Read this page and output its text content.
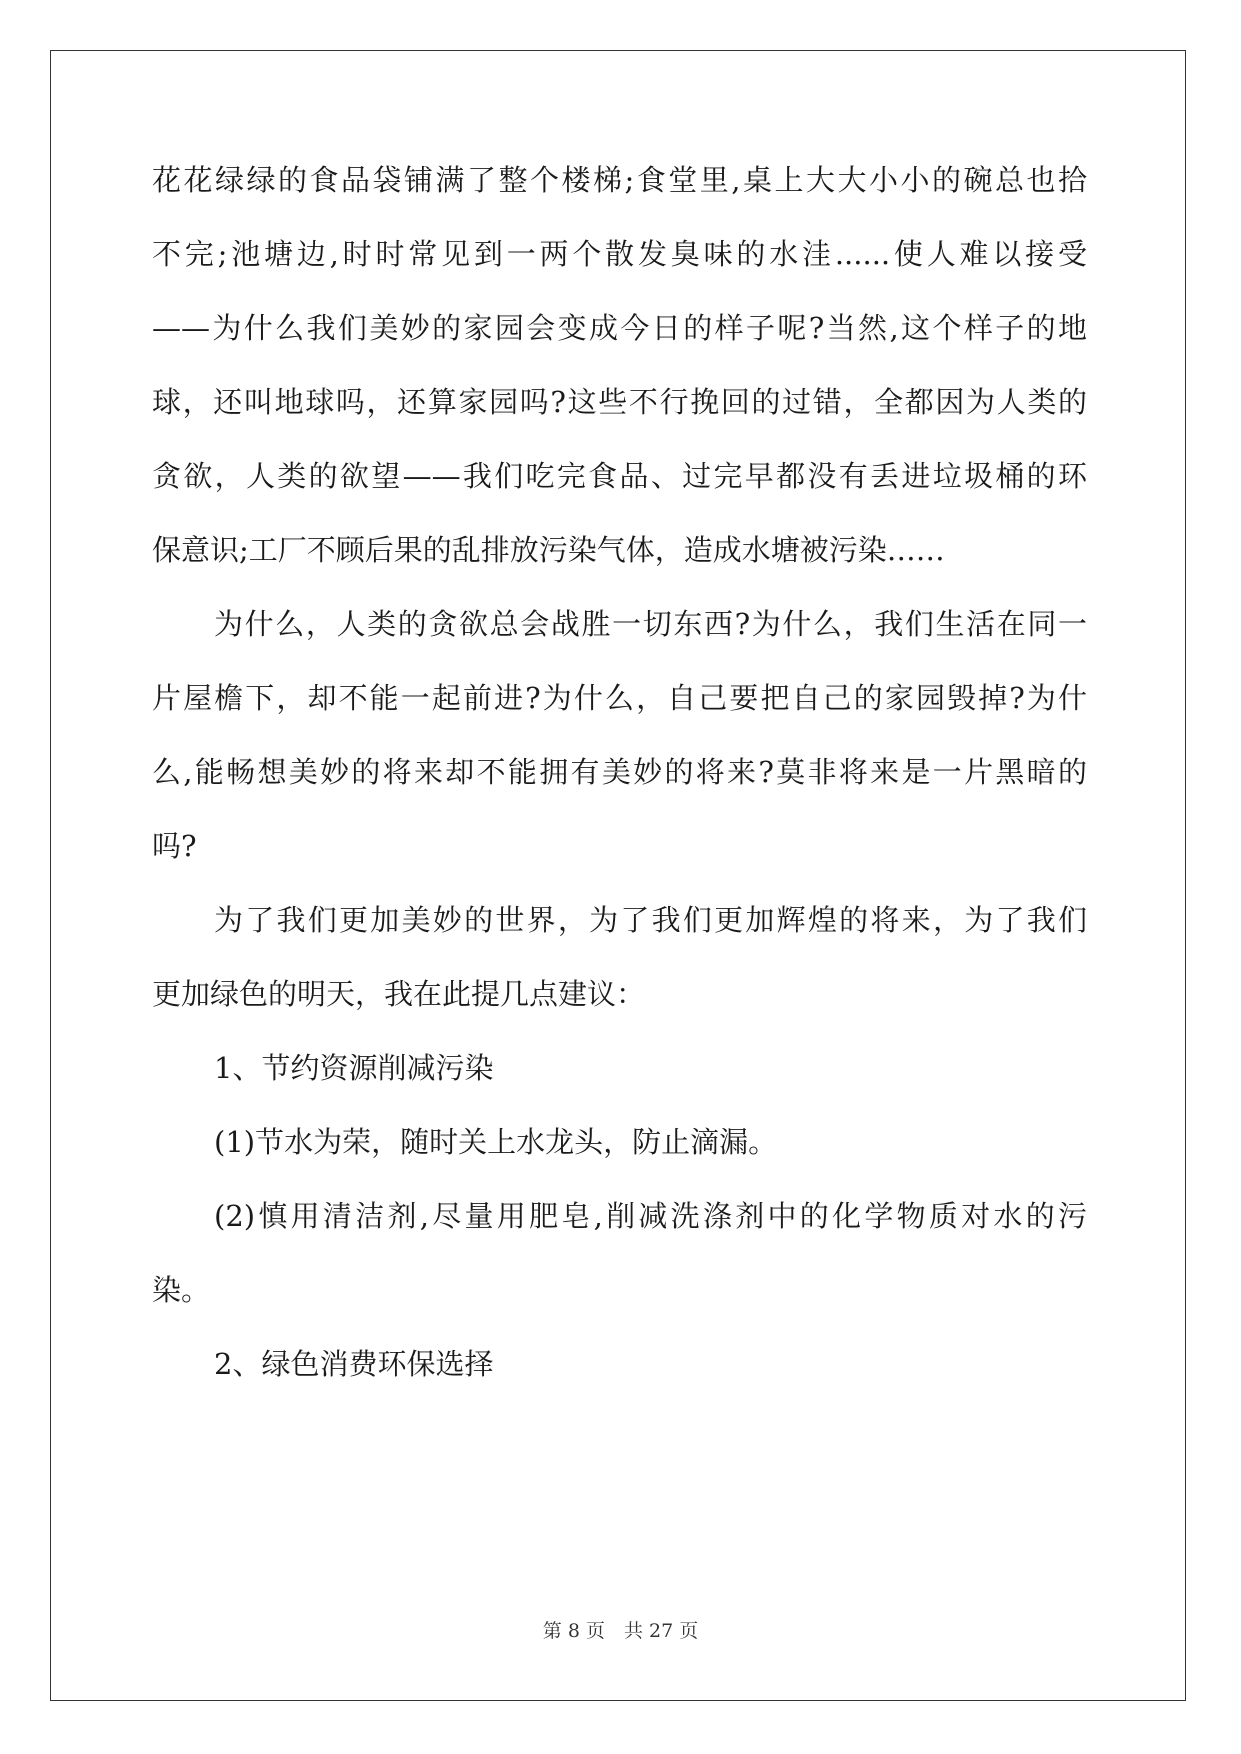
花花绿绿的食品袋铺满了整个楼梯;食堂里,桌上大大小小的碗总也拾
不完;池塘边,时时常见到一两个散发臭味的水洼......使人难以接受
——为什么我们美妙的家园会变成今日的样子呢?当然,这个样子的地
球，还叫地球吗，还算家园吗?这些不行挽回的过错，全都因为人类的
贪欲，人类的欲望——我们吃完食品、过完早都没有丢进垃圾桶的环
保意识;工厂不顾后果的乱排放污染气体，造成水塘被污染……
为什么，人类的贪欲总会战胜一切东西?为什么，我们生活在同一
片屋檐下，却不能一起前进?为什么，自己要把自己的家园毁掉?为什
么,能畅想美妙的将来却不能拥有美妙的将来?莫非将来是一片黑暗的
吗?
为了我们更加美妙的世界，为了我们更加辉煌的将来，为了我们
更加绿色的明天，我在此提几点建议：
1、节约资源削减污染
(1)节水为荣，随时关上水龙头，防止滴漏。
(2)慎用清洁剂,尽量用肥皂,削减洗涤剂中的化学物质对水的污
染。
2、绿色消费环保选择
第 8 页　共 27 页
